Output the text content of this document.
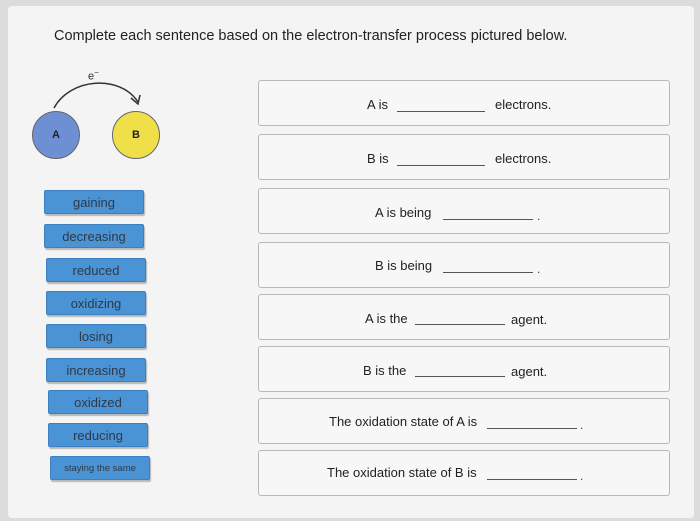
Complete each sentence based on the electron-transfer process pictured below.
e−
A	B
gaining
decreasing
reduced
oxidizing
losing
increasing
oxidized
reducing
staying the same
A is	electrons.
B is	electrons.
A is being	.
B is being	.
A is the	agent.
B is the	agent.
The oxidation state of A is	.
The oxidation state of B is	.
